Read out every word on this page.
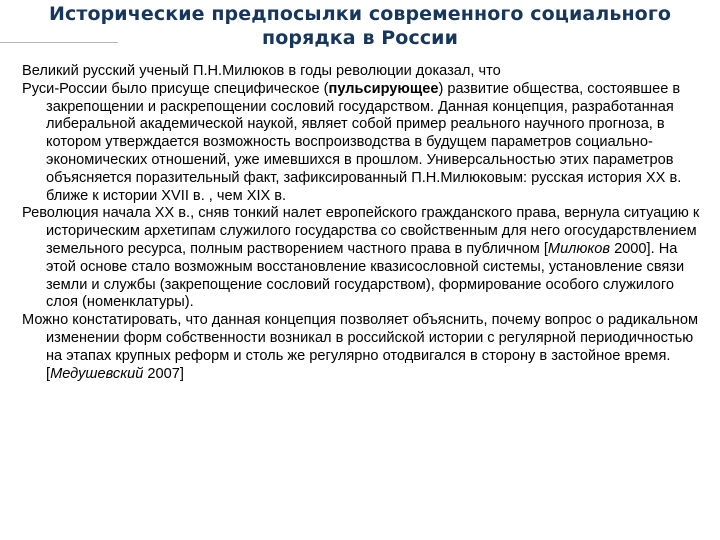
Исторические предпосылки современного социального порядка в России

Великий русский ученый П.Н.Милюков в годы революции доказал, что

Руси-России было присуще специфическое (пульсирующее) развитие общества, состоявшее в закрепощении и раскрепощении сословий государством. Данная концепция, разработанная либеральной академической наукой, являет собой пример реального научного прогноза, в котором утверждается возможность воспроизводства в будущем параметров социально-экономических отношений, уже имевшихся в прошлом. Универсальностью этих параметров объясняется поразительный факт, зафиксированный П.Н.Милюковым: русская история ХХ в. ближе к истории XVII в. , чем XIX в.

Революция начала ХХ в., сняв тонкий налет европейского гражданского права, вернула ситуацию к историческим архетипам служилого государства со свойственным для него огосударствлением земельного ресурса, полным растворением частного права в публичном [Милюков 2000]. На этой основе стало возможным восстановление квазисословной системы, установление связи земли и службы (закрепощение сословий государством), формирование особого служилого слоя (номенклатуры).

Можно констатировать, что данная концепция позволяет объяснить, почему вопрос о радикальном изменении форм собственности возникал в российской истории с регулярной периодичностью на этапах крупных реформ и столь же регулярно отодвигался в сторону в застойное время. [Медушевский 2007]
